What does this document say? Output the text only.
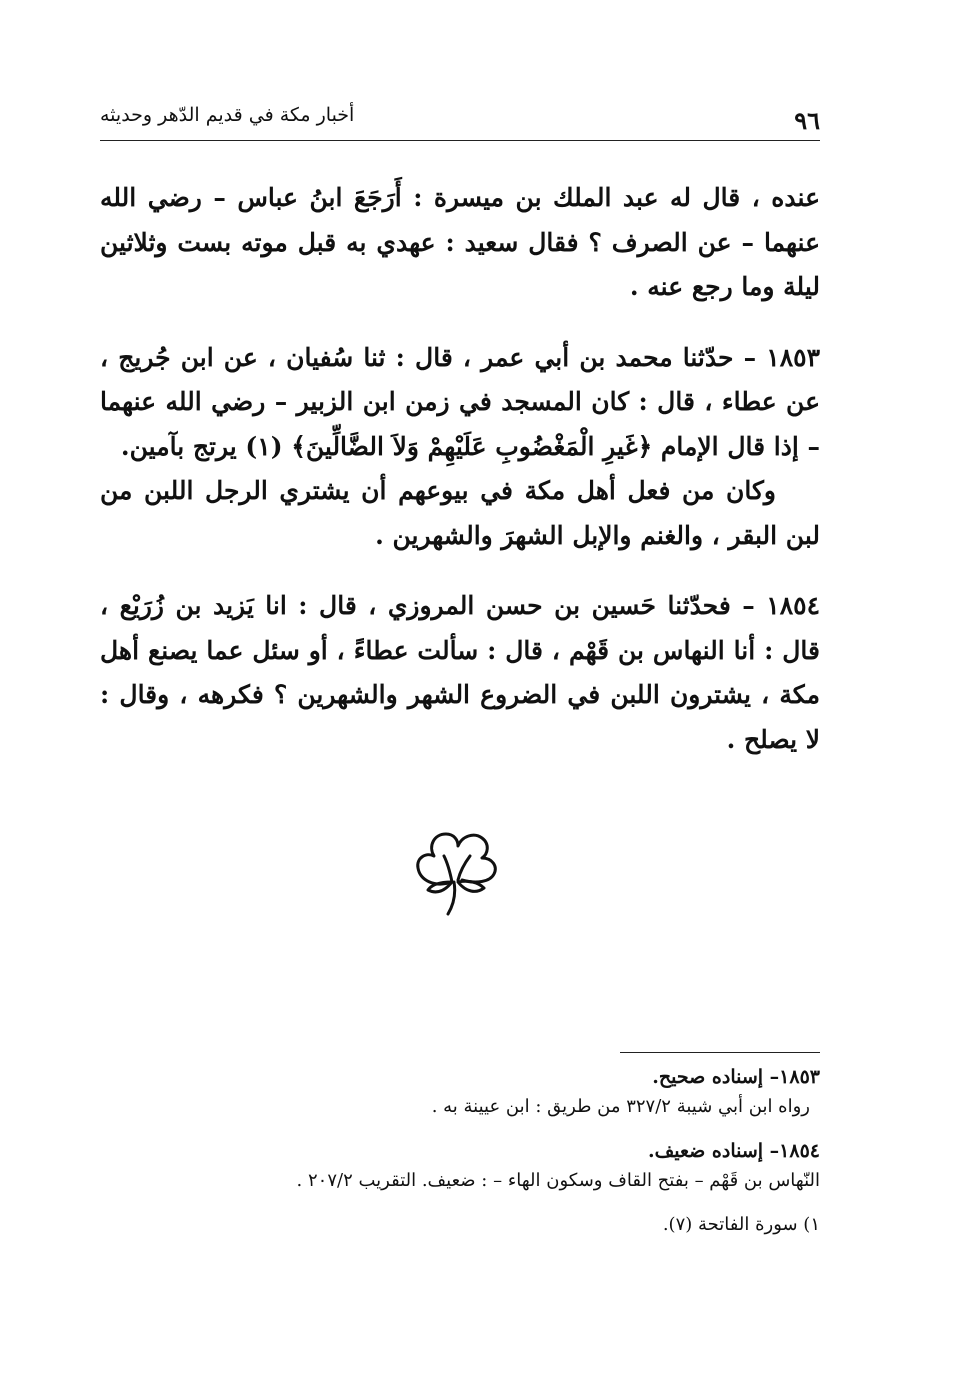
٩٦
أخبار مكة في قديم الدّهر وحديثه

عنده ، قال له عبد الملك بن ميسرة : أَرَجَعَ ابنُ عباس – رضي الله عنهما – عن الصرف ؟ فقال سعيد : عهدي به قبل موته بست وثلاثين ليلة وما رجع عنه .

١٨٥٣ – حدّثنا محمد بن أبي عمر ، قال : ثنا سُفيان ، عن ابن جُريج ، عن عطاء ، قال : كان المسجد في زمن ابن الزبير – رضي الله عنهما – إذا قال الإمام ﴿غَيرِ الْمَغْضُوبِ عَلَيْهِمْ وَلاَ الضَّالِّينَ﴾ (١) يرتج بآمين.

وكان من فعل أهل مكة في بيوعهم أن يشتري الرجل اللبن من لبن البقر ، والغنم والإبل الشهرَ والشهرين .

١٨٥٤ – فحدّثنا حَسين بن حسن المروزي ، قال : انا يَزيد بن زُرَيْع ، قال : أنا النهاس بن قَهْم ، قال : سألت عطاءً ، أو سئل عما يصنع أهل مكة ، يشترون اللبن في الضروع الشهر والشهرين ؟ فكرهه ، وقال : لا يصلح .

١٨٥٣– إسناده صحيح.

رواه ابن أبي شيبة ٣٢٧/٢ من طريق : ابن عيينة به .

١٨٥٤– إسناده ضعيف.

النّهاس بن قَهْم – بفتح القاف وسكون الهاء – : ضعيف. التقريب ٢٠٧/٢ .

١) سورة الفاتحة (٧).
